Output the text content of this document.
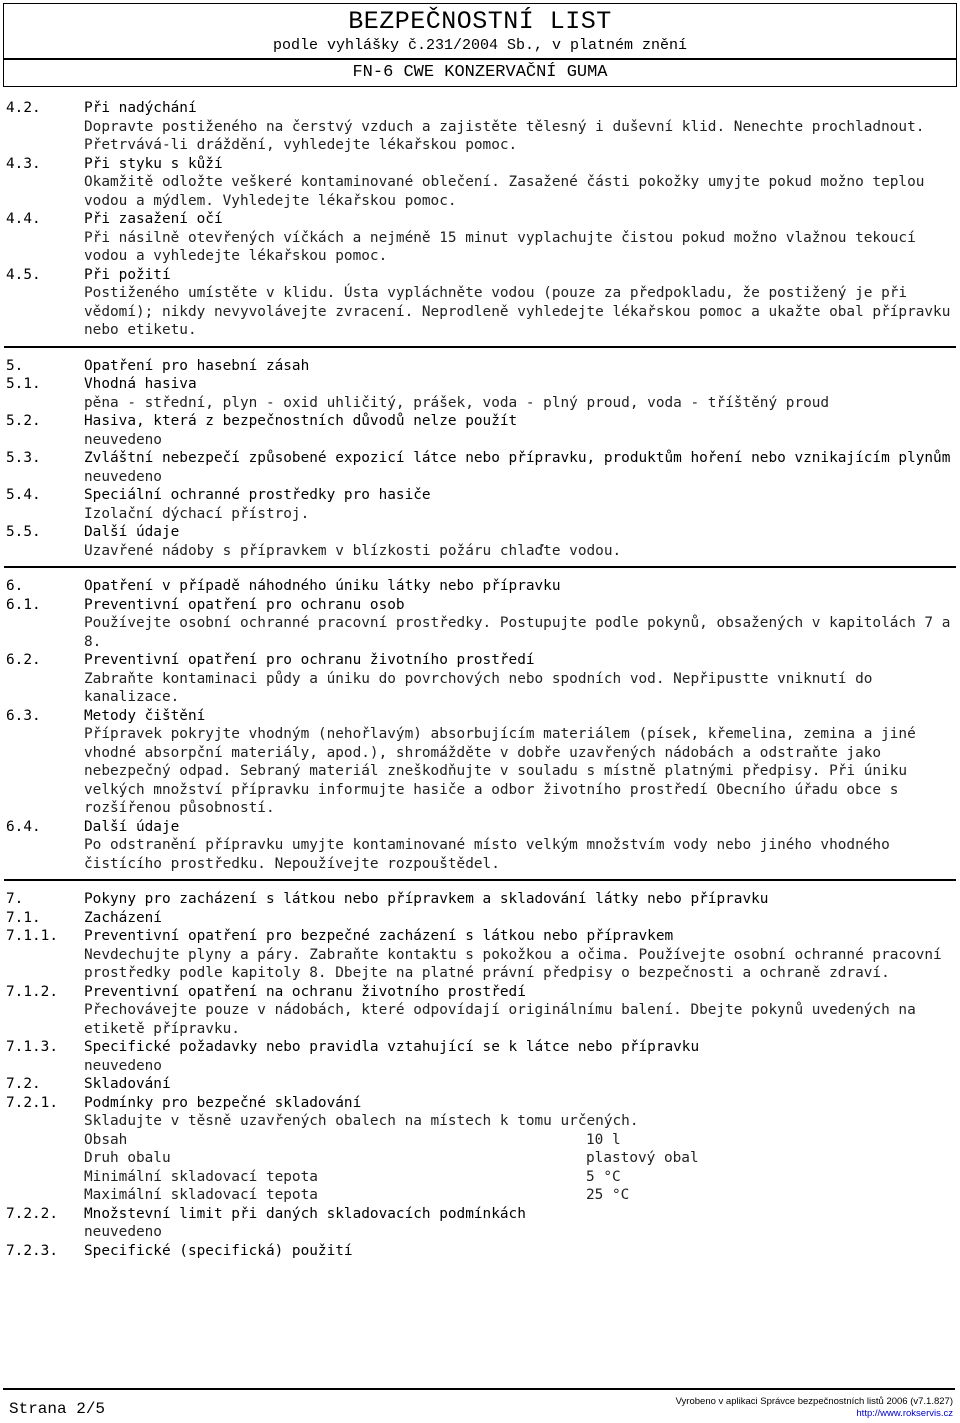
BEZPEČNOSTNÍ LIST
podle vyhlášky č.231/2004 Sb., v platném znění
FN-6 CWE KONZERVAČNÍ GUMA
4.2.	Při nadýchání
Dopravte postiženého na čerstvý vzduch a zajistěte tělesný i duševní klid. Nenechte prochladnout. Přetrvává-li dráždění, vyhledejte lékařskou pomoc.
4.3.	Při styku s kůží
Okamžitě odložte veškeré kontaminované oblečení. Zasažené části pokožky umyjte pokud možno teplou vodou a mýdlem. Vyhledejte lékařskou pomoc.
4.4.	Při zasažení očí
Při násilně otevřených víčkách a nejméně 15 minut vyplachujte čistou pokud možno vlažnou tekoucí vodou a vyhledejte lékařskou pomoc.
4.5.	Při požití
Postiženého umístěte v klidu. Ústa vypláchněte vodou (pouze za předpokladu, že postižený je při vědomí); nikdy nevyvolávejte zvracení. Neprodleně vyhledejte lékařskou pomoc a ukažte obal přípravku nebo etiketu.
5.	Opatření pro hasební zásah
5.1.	Vhodná hasiva
pěna - střední, plyn - oxid uhličitý, prášek, voda - plný proud, voda - tříštěný proud
5.2.	Hasiva, která z bezpečnostních důvodů nelze použít
neuvedeno
5.3.	Zvláštní nebezpečí způsobené expozicí látce nebo přípravku, produktům hoření nebo vznikajícím plynům
neuvedeno
5.4.	Speciální ochranné prostředky pro hasiče
Izolační dýchací přístroj.
5.5.	Další údaje
Uzavřené nádoby s přípravkem v blízkosti požáru chlaďte vodou.
6.	Opatření v případě náhodného úniku látky nebo přípravku
6.1.	Preventivní opatření pro ochranu osob
Používejte osobní ochranné pracovní prostředky. Postupujte podle pokynů, obsažených v kapitolách 7 a 8.
6.2.	Preventivní opatření pro ochranu životního prostředí
Zabraňte kontaminaci půdy a úniku do povrchových nebo spodních vod. Nepřipustte vniknutí do kanalizace.
6.3.	Metody čištění
Přípravek pokryjte vhodným (nehořlavým) absorbujícím materiálem (písek, křemelina, zemina a jiné vhodné absorpční materiály, apod.), shromážděte v dobře uzavřených nádobách a odstraňte jako nebezpečný odpad. Sebraný materiál zneškodňujte v souladu s místně platnými předpisy. Při úniku velkých množství přípravku informujte hasiče a odbor životního prostředí Obecního úřadu obce s rozšířenou působností.
6.4.	Další údaje
Po odstranění přípravku umyjte kontaminované místo velkým množstvím vody nebo jiného vhodného čistícího prostředku. Nepoužívejte rozpouštědel.
7.	Pokyny pro zacházení s látkou nebo přípravkem a skladování látky nebo přípravku
7.1.	Zacházení
7.1.1.	Preventivní opatření pro bezpečné zacházení s látkou nebo přípravkem
Nevdechujte plyny a páry. Zabraňte kontaktu s pokožkou a očima. Používejte osobní ochranné pracovní prostředky podle kapitoly 8. Dbejte na platné právní předpisy o bezpečnosti a ochraně zdraví.
7.1.2.	Preventivní opatření na ochranu životního prostředí
Přechovávejte pouze v nádobách, které odpovídají originálnímu balení. Dbejte pokynů uvedených na etiketě přípravku.
7.1.3.	Specifické požadavky nebo pravidla vztahující se k látce nebo přípravku
neuvedeno
7.2.	Skladování
7.2.1.	Podmínky pro bezpečné skladování
Skladujte v těsně uzavřených obalech na místech k tomu určených.
Obsah	10 l
Druh obalu	plastový obal
Minimální skladovací tepota	5 °C
Maximální skladovací tepota	25 °C
7.2.2.	Množstevní limit při daných skladovacích podmínkách
neuvedeno
7.2.3.	Specifické (specifická) použití
Strana 2/5	Vyrobeno v aplikaci Správce bezpečnostních listů 2006 (v7.1.827)
http://www.rokservis.cz
